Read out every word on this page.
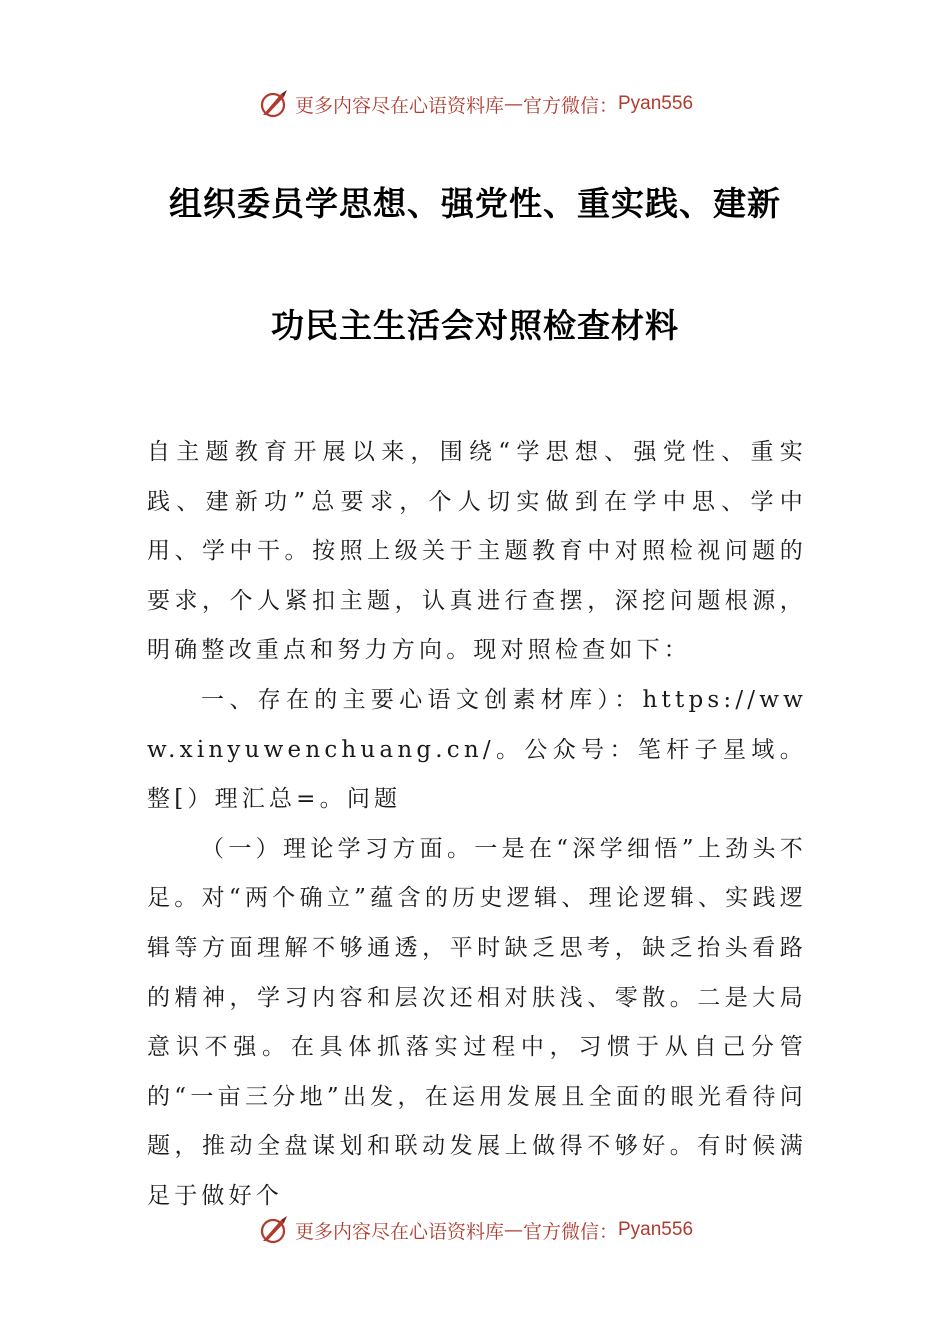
更多内容尽在心语资料库 — 官方微信： Pyan556
组织委员学思想、强党性、重实践、建新
功民主生活会对照检查材料

自主题教育开展以来，围绕“学思想、强党性、重实践、建新功”总要求，个人切实做到在学中思、学中用、学中干。按照上级关于主题教育中对照检视问题的要求，个人紧扣主题，认真进行查摆，深挖问题根源，明确整改重点和努力方向。现对照检查如下：

一、存在的主要心语文创素材库）：https://www.xinyuwenchuang.cn/。公众号：笔杆子星域。整[）理汇总=。问题

（一）理论学习方面。一是在“深学细悟”上劲头不足。对“两个确立”蕴含的历史逻辑、理论逻辑、实践逻辑等方面理解不够通透，平时缺乏思考，缺乏抬头看路的精神，学习内容和层次还相对肤浅、零散。二是大局意识不强。在具体抓落实过程中，习惯于从自己分管的“一亩三分地”出发，在运用发展且全面的眼光看待问题，推动全盘谋划和联动发展上做得不够好。有时候满足于做好个

更多内容尽在心语资料库 — 官方微信： Pyan556
